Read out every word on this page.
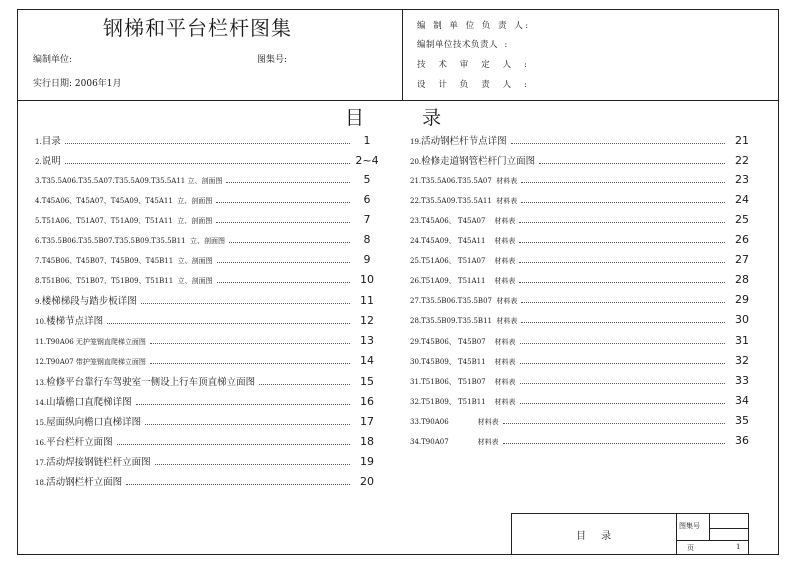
钢梯和平台栏杆图集
编制单位:	图集号:
实行日期: 2006年1月
编 制 单 位 负 责 人:
编制单位技术负责人  :
技  术  审  定  人  :
设  计  负  责  人  :
目	录
1. 目录	1
2. 说明	2~4
3. T35.5A06.T35.5A07.T35.5A09.T35.5A11 立、剖面图	5
4. T45A06、T45A07、T45A09、T45A11  立、剖面图	6
5. T51A06、T51A07、T51A09、T51A11  立、剖面图	7
6. T35.5B06.T35.5B07.T35.5B09.T35.5B11  立、剖面图	8
7. T45B06、T45B07、T45B09、T45B11  立、剖面图	9
8. T51B06、T51B07、T51B09、T51B11  立、剖面图	10
9. 楼梯梯段与踏步板详图	11
10. 楼梯节点详图	12
11. T90A06 无护笼钢直爬梯立面图	13
12. T90A07 带护笼钢直爬梯立面图	14
13. 检修平台靠行车驾驶室一侧设上行车顶直梯立面图	15
14. 山墙檐口直爬梯详图	16
15. 屋面纵向檐口直梯详图	17
16. 平台栏杆立面图	18
17. 活动焊接钢链栏杆立面图	19
18. 活动钢栏杆立面图	20
19. 活动钢栏杆节点详图	21
20. 检修走道钢管栏杆门立面图	22
21. T35.5A06.T35.5A07  材料表	23
22. T35.5A09.T35.5A11  材料表	24
23. T45A06、 T45A07    材料表	25
24. T45A09、 T45A11    材料表	26
25. T51A06、 T51A07    材料表	27
26. T51A09、 T51A11    材料表	28
27. T35.5B06.T35.5B07  材料表	29
28. T35.5B09.T35.5B11  材料表	30
29. T45B06、 T45B07    材料表	31
30. T45B09、 T45B11    材料表	32
31. T51B06、 T51B07    材料表	33
32. T51B09、 T51B11    材料表	34
33. T90A06             材料表	35
34. T90A07             材料表	36
目 录
图集号
页	1
